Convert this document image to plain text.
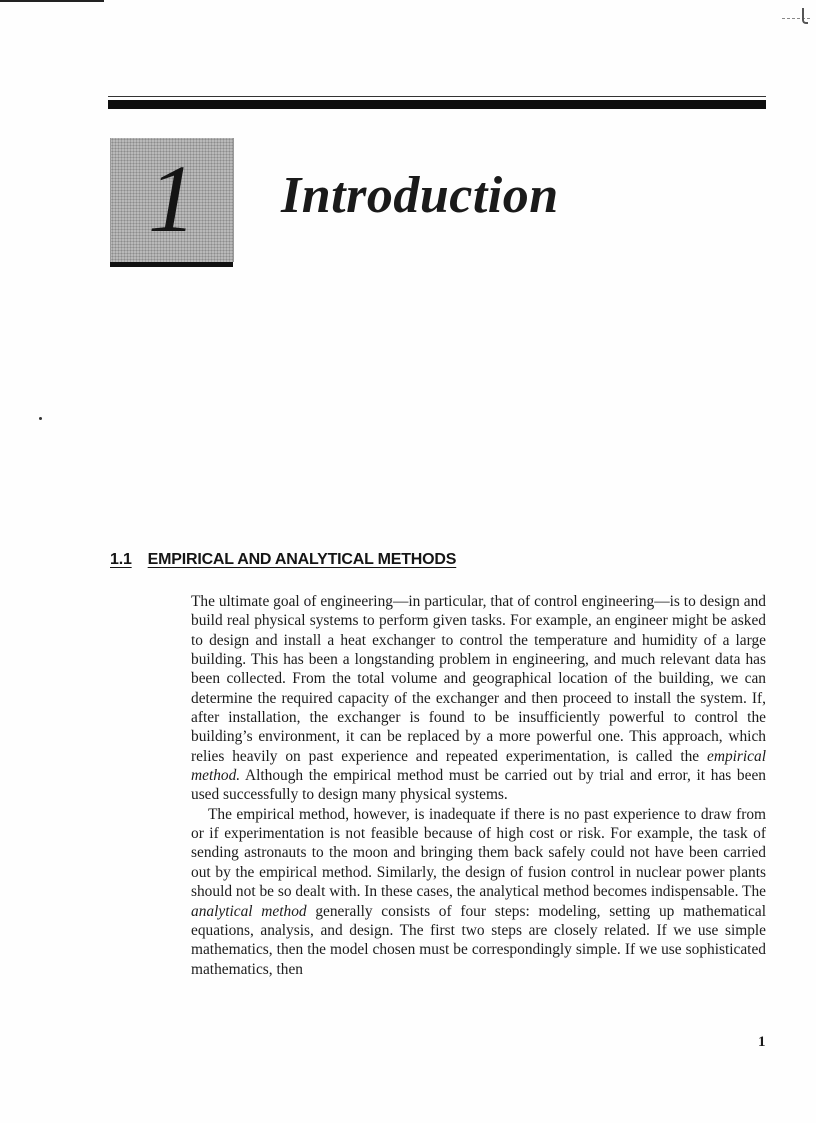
1	Introduction
1.1 EMPIRICAL AND ANALYTICAL METHODS

The ultimate goal of engineering—in particular, that of control engineering—is to design and build real physical systems to perform given tasks. For example, an engineer might be asked to design and install a heat exchanger to control the temperature and humidity of a large building. This has been a longstanding problem in engineering, and much relevant data has been collected. From the total volume and geographical location of the building, we can determine the required capacity of the exchanger and then proceed to install the system. If, after installation, the exchanger is found to be insufficiently powerful to control the building’s environment, it can be replaced by a more powerful one. This approach, which relies heavily on past experience and repeated experimentation, is called the empirical method. Although the empirical method must be carried out by trial and error, it has been used successfully to design many physical systems.

The empirical method, however, is inadequate if there is no past experience to draw from or if experimentation is not feasible because of high cost or risk. For example, the task of sending astronauts to the moon and bringing them back safely could not have been carried out by the empirical method. Similarly, the design of fusion control in nuclear power plants should not be so dealt with. In these cases, the analytical method becomes indispensable. The analytical method generally consists of four steps: modeling, setting up mathematical equations, analysis, and design. The first two steps are closely related. If we use simple mathematics, then the model chosen must be correspondingly simple. If we use sophisticated mathematics, then

1
